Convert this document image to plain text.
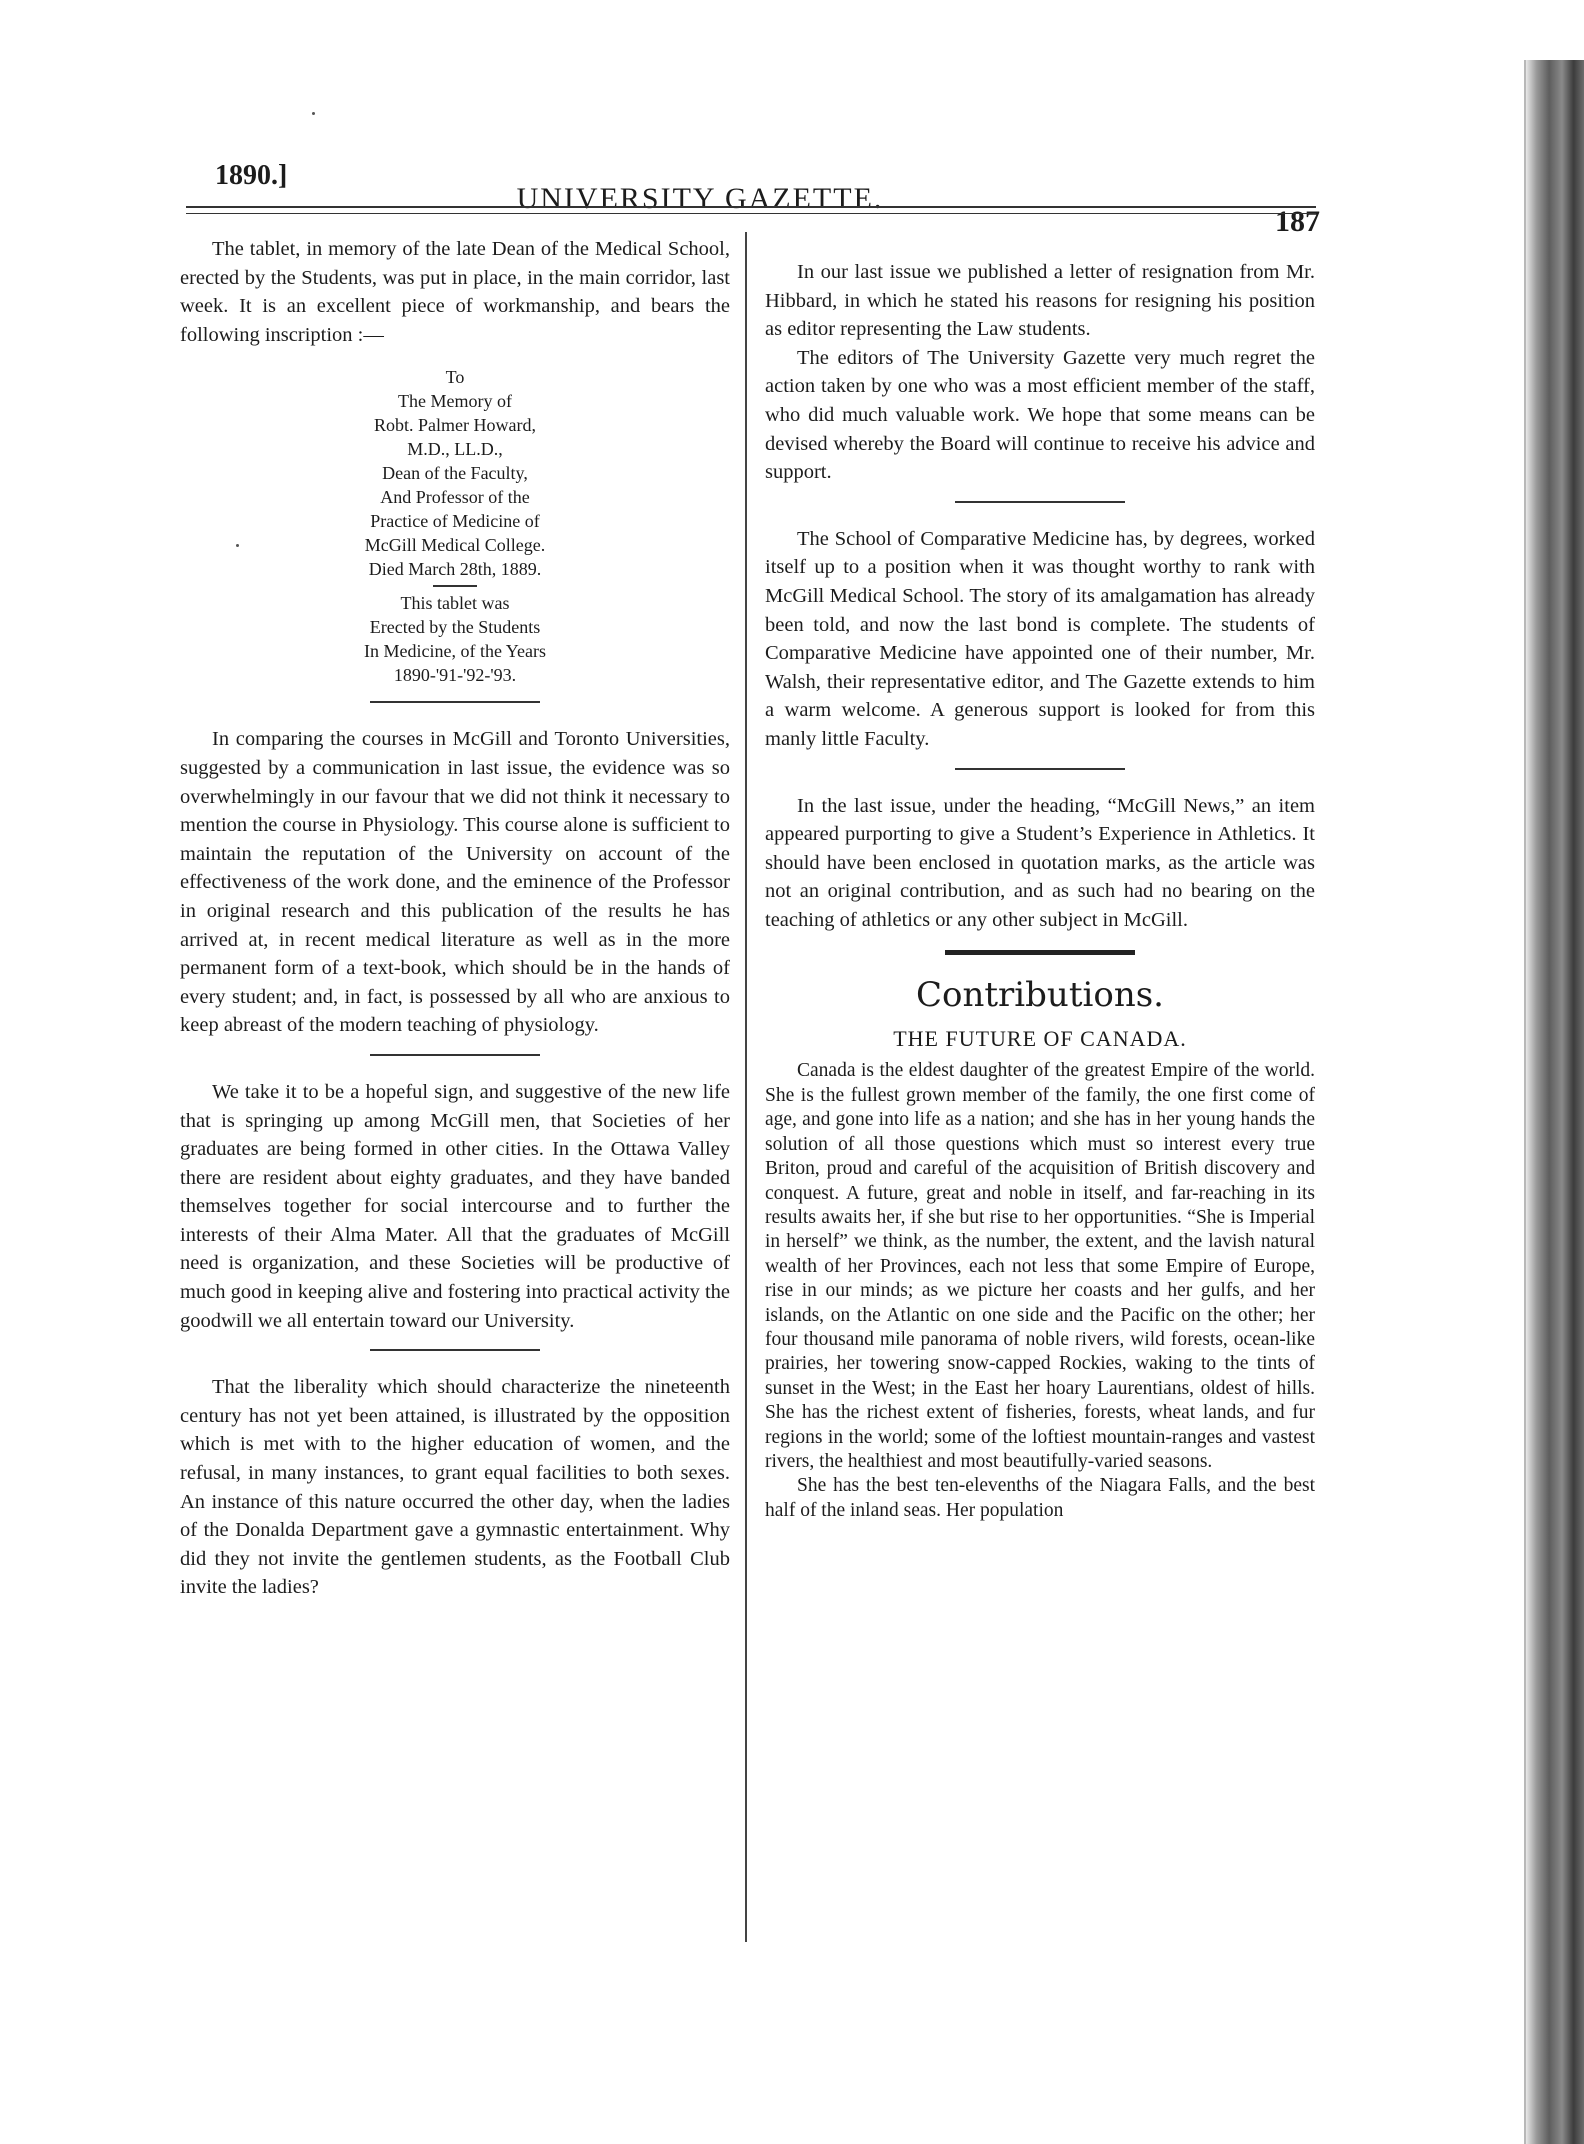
1890.]
UNIVERSITY GAZETTE.
187

The tablet, in memory of the late Dean of the Medical School, erected by the Students, was put in place, in the main corridor, last week. It is an excellent piece of workmanship, and bears the following inscription :—

To
The Memory of
Robt. Palmer Howard,
M.D., LL.D.,
Dean of the Faculty,
And Professor of the
Practice of Medicine of
McGill Medical College.
Died March 28th, 1889.
This tablet was
Erected by the Students
In Medicine, of the Years
1890-'91-'92-'93.

In comparing the courses in McGill and Toronto Universities, suggested by a communication in last issue, the evidence was so overwhelmingly in our favour that we did not think it necessary to mention the course in Physiology. This course alone is sufficient to maintain the reputation of the University on account of the effectiveness of the work done, and the eminence of the Professor in original research and this publication of the results he has arrived at, in recent medical literature as well as in the more permanent form of a text-book, which should be in the hands of every student; and, in fact, is possessed by all who are anxious to keep abreast of the modern teaching of physiology.

We take it to be a hopeful sign, and suggestive of the new life that is springing up among McGill men, that Societies of her graduates are being formed in other cities. In the Ottawa Valley there are resident about eighty graduates, and they have banded themselves together for social intercourse and to further the interests of their Alma Mater. All that the graduates of McGill need is organization, and these Societies will be productive of much good in keeping alive and fostering into practical activity the goodwill we all entertain toward our University.

That the liberality which should characterize the nineteenth century has not yet been attained, is illustrated by the opposition which is met with to the higher education of women, and the refusal, in many instances, to grant equal facilities to both sexes. An instance of this nature occurred the other day, when the ladies of the Donalda Department gave a gymnastic entertainment. Why did they not invite the gentlemen students, as the Football Club invite the ladies?

In our last issue we published a letter of resignation from Mr. Hibbard, in which he stated his reasons for resigning his position as editor representing the Law students.

The editors of The University Gazette very much regret the action taken by one who was a most efficient member of the staff, who did much valuable work. We hope that some means can be devised whereby the Board will continue to receive his advice and support.

The School of Comparative Medicine has, by degrees, worked itself up to a position when it was thought worthy to rank with McGill Medical School. The story of its amalgamation has already been told, and now the last bond is complete. The students of Comparative Medicine have appointed one of their number, Mr. Walsh, their representative editor, and The Gazette extends to him a warm welcome. A generous support is looked for from this manly little Faculty.

In the last issue, under the heading, “McGill News,” an item appeared purporting to give a Student’s Experience in Athletics. It should have been enclosed in quotation marks, as the article was not an original contribution, and as such had no bearing on the teaching of athletics or any other subject in McGill.

Contributions.
THE FUTURE OF CANADA.

Canada is the eldest daughter of the greatest Empire of the world. She is the fullest grown member of the family, the one first come of age, and gone into life as a nation; and she has in her young hands the solution of all those questions which must so interest every true Briton, proud and careful of the acquisition of British discovery and conquest. A future, great and noble in itself, and far-reaching in its results awaits her, if she but rise to her opportunities. “She is Imperial in herself” we think, as the number, the extent, and the lavish natural wealth of her Provinces, each not less that some Empire of Europe, rise in our minds; as we picture her coasts and her gulfs, and her islands, on the Atlantic on one side and the Pacific on the other; her four thousand mile panorama of noble rivers, wild forests, ocean-like prairies, her towering snow-capped Rockies, waking to the tints of sunset in the West; in the East her hoary Laurentians, oldest of hills. She has the richest extent of fisheries, forests, wheat lands, and fur regions in the world; some of the loftiest mountain-ranges and vastest rivers, the healthiest and most beautifully-varied seasons.

She has the best ten-elevenths of the Niagara Falls, and the best half of the inland seas. Her population
